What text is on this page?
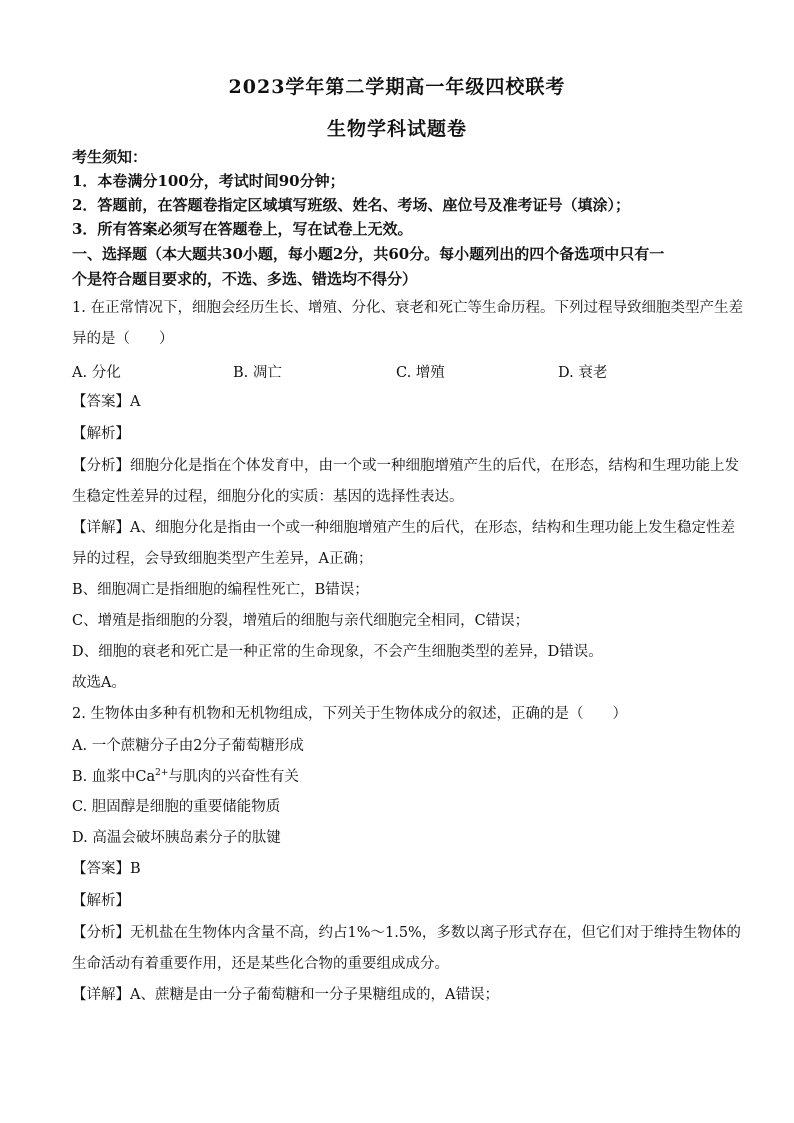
2023学年第二学期高一年级四校联考
生物学科试题卷
考生须知：
1．本卷满分100分，考试时间90分钟；
2．答题前，在答题卷指定区域填写班级、姓名、考场、座位号及准考证号（填涂）；
3．所有答案必须写在答题卷上，写在试卷上无效。
一、选择题（本大题共30小题，每小题2分，共60分。每小题列出的四个备选项中只有一
个是符合题目要求的，不选、多选、错选均不得分）
1. 在正常情况下，细胞会经历生长、增殖、分化、衰老和死亡等生命历程。下列过程导致细胞类型产生差
异的是（　　）
A. 分化	B. 凋亡	C. 增殖	D. 衰老
【答案】A
【解析】
【分析】细胞分化是指在个体发育中，由一个或一种细胞增殖产生的后代，在形态，结构和生理功能上发
生稳定性差异的过程，细胞分化的实质：基因的选择性表达。
【详解】A、细胞分化是指由一个或一种细胞增殖产生的后代，在形态，结构和生理功能上发生稳定性差
异的过程，会导致细胞类型产生差异，A正确；
B、细胞凋亡是指细胞的编程性死亡，B错误；
C、增殖是指细胞的分裂，增殖后的细胞与亲代细胞完全相同，C错误；
D、细胞的衰老和死亡是一种正常的生命现象，不会产生细胞类型的差异，D错误。
故选A。
2. 生物体由多种有机物和无机物组成，下列关于生物体成分的叙述，正确的是（　　）
A. 一个蔗糖分子由2分子葡萄糖形成
B. 血浆中$Ca^{2+}$与肌肉的兴奋性有关
C. 胆固醇是细胞的重要储能物质
D. 高温会破坏胰岛素分子的肽键
【答案】B
【解析】
【分析】无机盐在生物体内含量不高，约占1%～1.5%，多数以离子形式存在，但它们对于维持生物体的
生命活动有着重要作用，还是某些化合物的重要组成成分。
【详解】A、蔗糖是由一分子葡萄糖和一分子果糖组成的，A错误；
